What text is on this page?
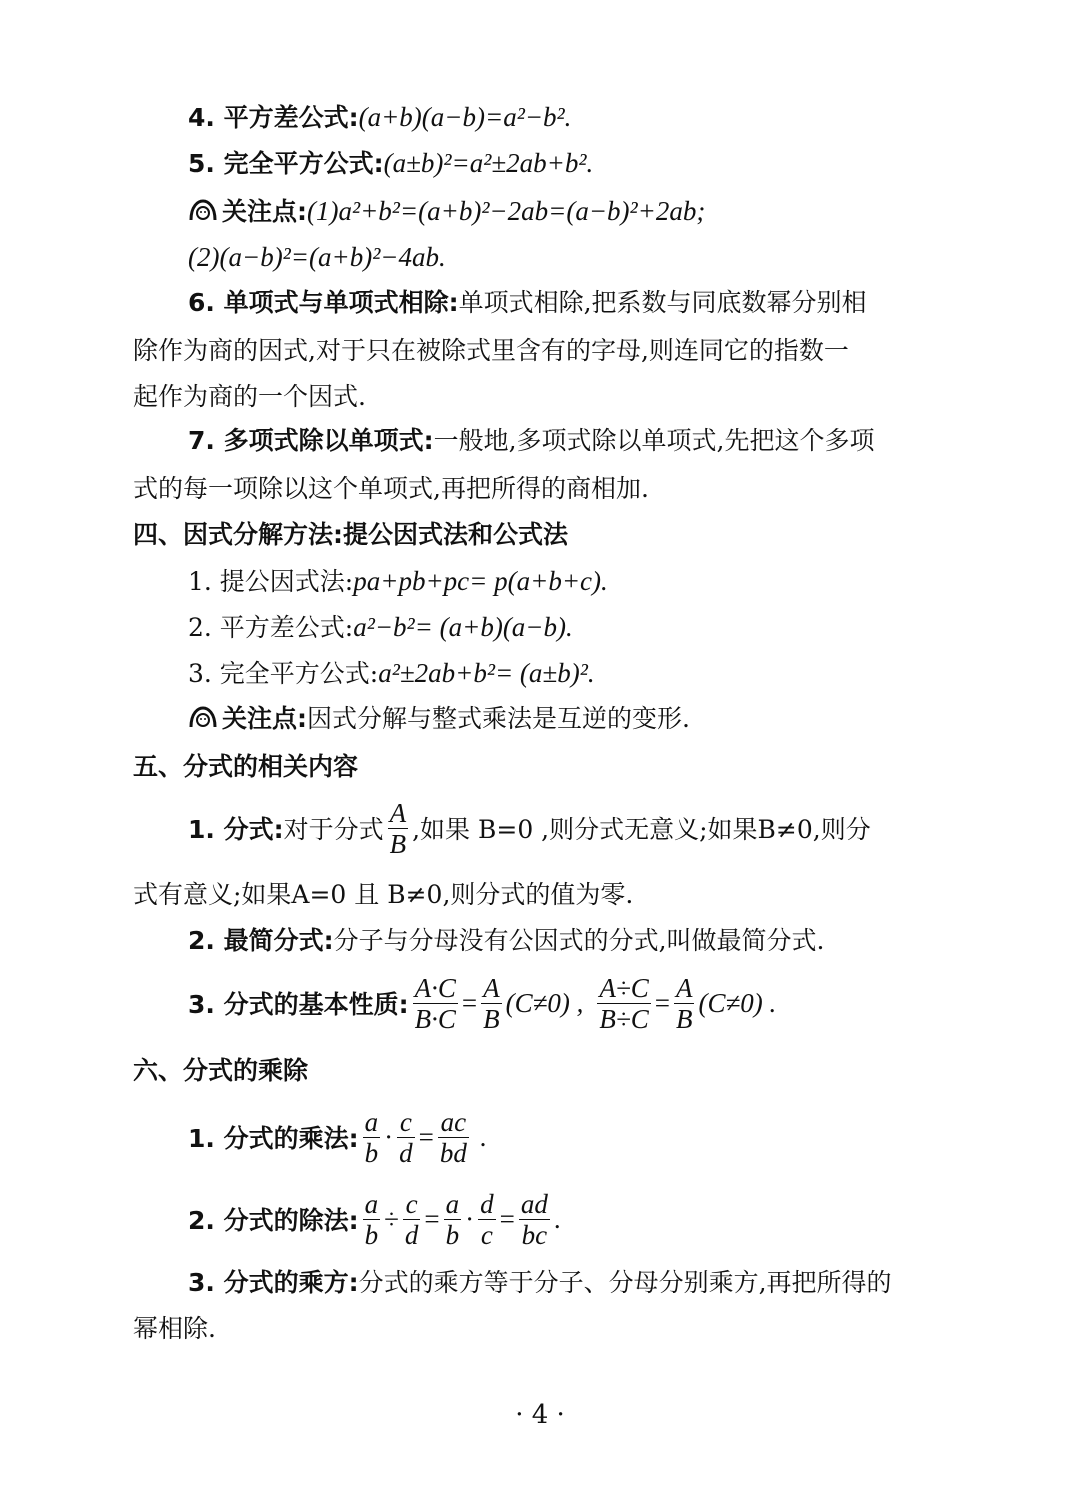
4. 平方差公式:(a+b)(a−b)=a²−b².
5. 完全平方公式:(a±b)²=a²±2ab+b².
关注点:(1)a²+b²=(a+b)²−2ab=(a−b)²+2ab;
(2)(a−b)²=(a+b)²−4ab.
6. 单项式与单项式相除:单项式相除,把系数与同底数幂分别相
除作为商的因式,对于只在被除式里含有的字母,则连同它的指数一
起作为商的一个因式.
7. 多项式除以单项式:一般地,多项式除以单项式,先把这个多项
式的每一项除以这个单项式,再把所得的商相加.
四、因式分解方法:提公因式法和公式法
1. 提公因式法:pa+pb+pc= p(a+b+c).
2. 平方差公式:a²−b²= (a+b)(a−b).
3. 完全平方公式:a²±2ab+b²= (a±b)².
关注点:因式分解与整式乘法是互逆的变形.
五、分式的相关内容
1. 分式: 对于分式 $\frac{A}{B}$ ,如果 B=0 ,则分式无意义;如果B≠0,则分
式有意义;如果A=0 且 B≠0,则分式的值为零.
2. 最简分式:分子与分母没有公因式的分式,叫做最简分式.
3. 分式的基本性质: $\frac{A\cdot C}{B\cdot C} = \frac{A}{B} (C\ne 0)$ , $\frac{A\div C}{B\div C} = \frac{A}{B} (C\ne 0)$ .
六、分式的乘除
1. 分式的乘法: $\frac{a}{b} \cdot \frac{c}{d} = \frac{ac}{bd}$ .
2. 分式的除法: $\frac{a}{b} \div \frac{c}{d} = \frac{a}{b} \cdot \frac{d}{c} = \frac{ad}{bc}$ .
3. 分式的乘方:分式的乘方等于分子、分母分别乘方,再把所得的
幂相除.
· 4 ·
